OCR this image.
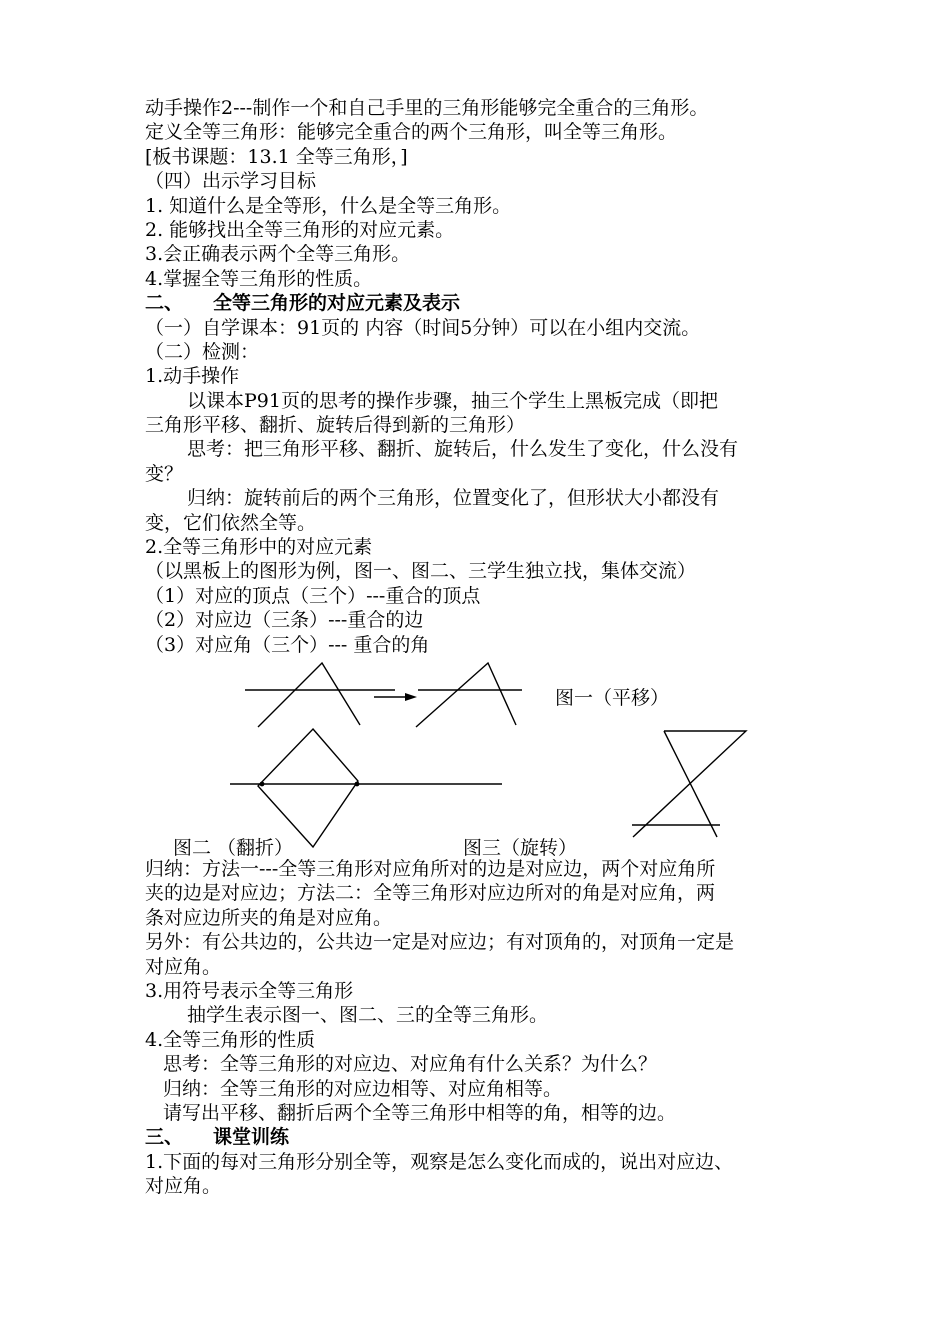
动手操作2---制作一个和自己手里的三角形能够完全重合的三角形。
定义全等三角形：能够完全重合的两个三角形，叫全等三角形。
[板书课题：13.1 全等三角形，]
（四）出示学习目标
1. 知道什么是全等形，什么是全等三角形。
2. 能够找出全等三角形的对应元素。
3.会正确表示两个全等三角形。
4.掌握全等三角形的性质。
二、 全等三角形的对应元素及表示
（一）自学课本：91页的 内容（时间5分钟）可以在小组内交流。
（二）检测：
1.动手操作
以课本P91页的思考的操作步骤，抽三个学生上黑板完成（即把
三角形平移、翻折、旋转后得到新的三角形）
思考：把三角形平移、翻折、旋转后，什么发生了变化，什么没有
变？
归纳：旋转前后的两个三角形，位置变化了，但形状大小都没有
变，它们依然全等。
2.全等三角形中的对应元素
（以黑板上的图形为例，图一、图二、三学生独立找，集体交流）
（1）对应的顶点（三个）---重合的顶点
（2）对应边（三条）---重合的边
（3）对应角（三个）--- 重合的角
图一（平移）
图二 （翻折）	图三（旋转）
归纳：方法一---全等三角形对应角所对的边是对应边，两个对应角所
夹的边是对应边；方法二：全等三角形对应边所对的角是对应角，两
条对应边所夹的角是对应角。
另外：有公共边的，公共边一定是对应边；有对顶角的，对顶角一定是
对应角。
3.用符号表示全等三角形
抽学生表示图一、图二、三的全等三角形。
4.全等三角形的性质
思考：全等三角形的对应边、对应角有什么关系？为什么？
归纳：全等三角形的对应边相等、对应角相等。
请写出平移、翻折后两个全等三角形中相等的角，相等的边。
三、 课堂训练
1.下面的每对三角形分别全等，观察是怎么变化而成的，说出对应边、
对应角。
